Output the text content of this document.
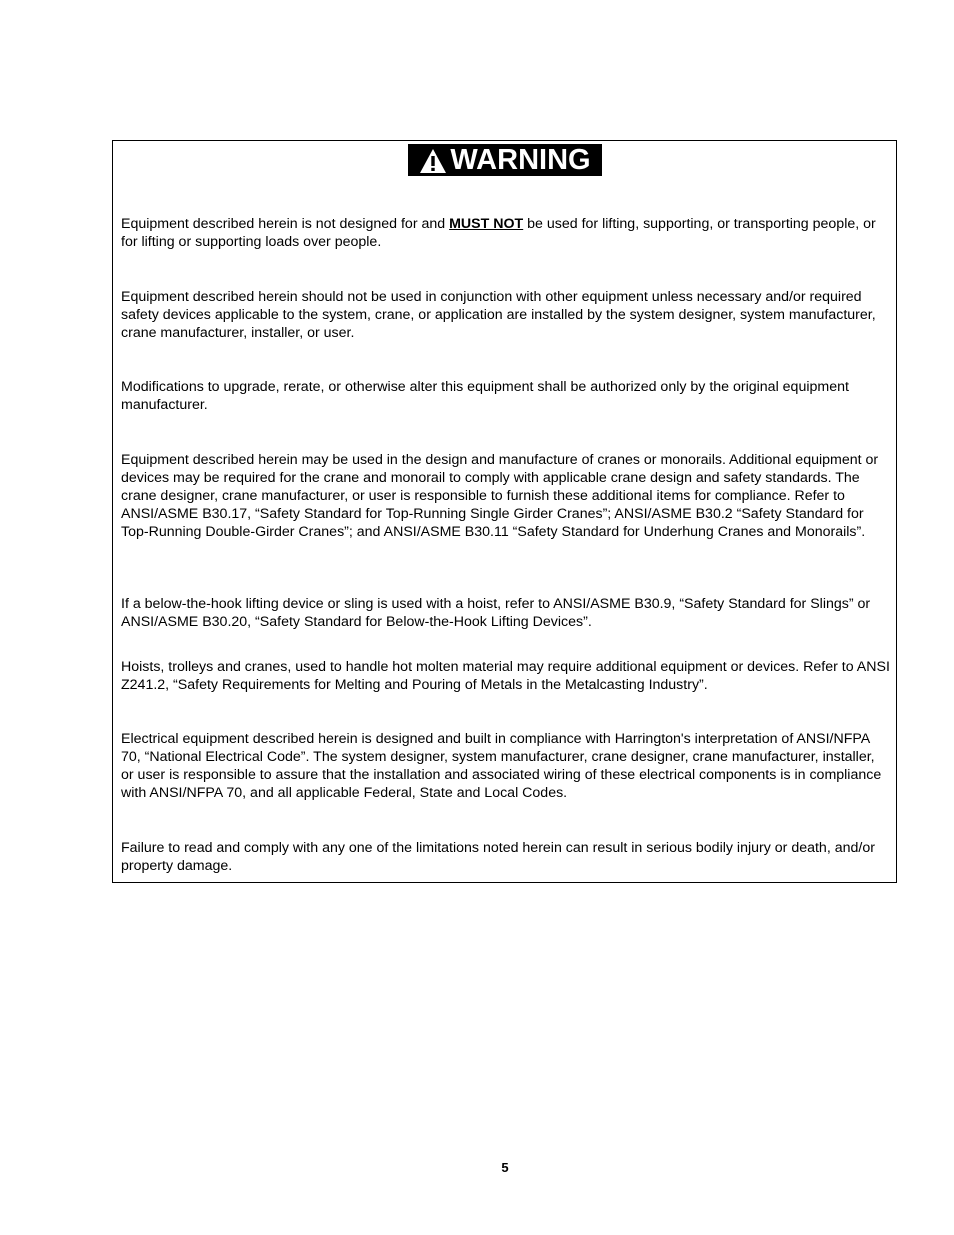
WARNING

Equipment described herein is not designed for and MUST NOT be used for lifting, supporting, or transporting people, or for lifting or supporting loads over people.

Equipment described herein should not be used in conjunction with other equipment unless necessary and/or required safety devices applicable to the system, crane, or application are installed by the system designer, system manufacturer, crane manufacturer, installer, or user.

Modifications to upgrade, rerate, or otherwise alter this equipment shall be authorized only by the original equipment manufacturer.

Equipment described herein may be used in the design and manufacture of cranes or monorails. Additional equipment or devices may be required for the crane and monorail to comply with applicable crane design and safety standards. The crane designer, crane manufacturer, or user is responsible to furnish these additional items for compliance. Refer to ANSI/ASME B30.17, “Safety Standard for Top-Running Single Girder Cranes”; ANSI/ASME B30.2 “Safety Standard for Top-Running Double-Girder Cranes”; and ANSI/ASME B30.11 “Safety Standard for Underhung Cranes and Monorails”.

If a below-the-hook lifting device or sling is used with a hoist, refer to ANSI/ASME B30.9, “Safety Standard for Slings” or ANSI/ASME B30.20, “Safety Standard for Below-the-Hook Lifting Devices”.

Hoists, trolleys and cranes, used to handle hot molten material may require additional equipment or devices. Refer to ANSI Z241.2, “Safety Requirements for Melting and Pouring of Metals in the Metalcasting Industry”.

Electrical equipment described herein is designed and built in compliance with Harrington's interpretation of ANSI/NFPA 70, “National Electrical Code”. The system designer, system manufacturer, crane designer, crane manufacturer, installer, or user is responsible to assure that the installation and associated wiring of these electrical components is in compliance with ANSI/NFPA 70, and all applicable Federal, State and Local Codes.

Failure to read and comply with any one of the limitations noted herein can result in serious bodily injury or death, and/or property damage.

5
